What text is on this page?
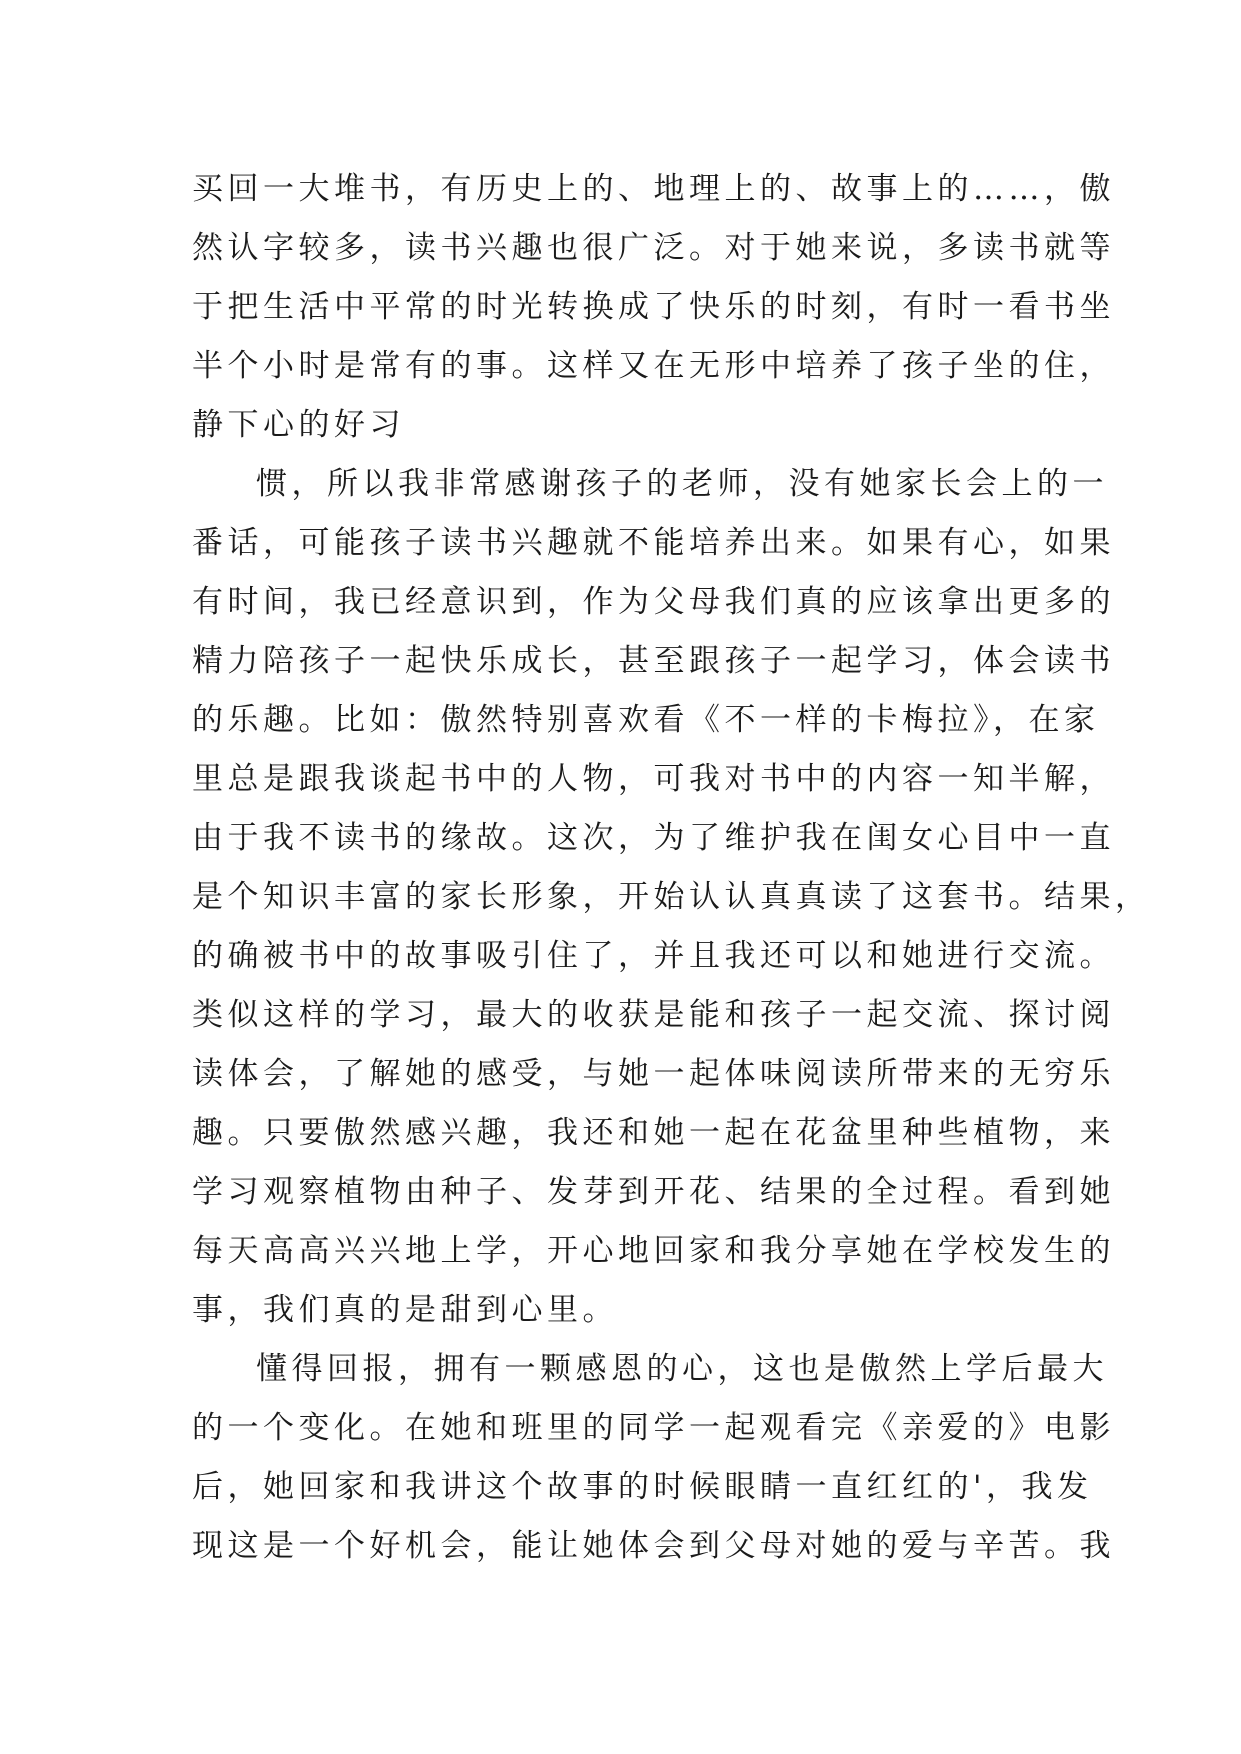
买回一大堆书，有历史上的、地理上的、故事上的……，傲
然认字较多，读书兴趣也很广泛。对于她来说，多读书就等
于把生活中平常的时光转换成了快乐的时刻，有时一看书坐
半个小时是常有的事。这样又在无形中培养了孩子坐的住，
静下心的好习
惯，所以我非常感谢孩子的老师，没有她家长会上的一
番话，可能孩子读书兴趣就不能培养出来。如果有心，如果
有时间，我已经意识到，作为父母我们真的应该拿出更多的
精力陪孩子一起快乐成长，甚至跟孩子一起学习，体会读书
的乐趣。比如：傲然特别喜欢看《不一样的卡梅拉》，在家
里总是跟我谈起书中的人物，可我对书中的内容一知半解，
由于我不读书的缘故。这次，为了维护我在闺女心目中一直
是个知识丰富的家长形象，开始认认真真读了这套书。结果，
的确被书中的故事吸引住了，并且我还可以和她进行交流。
类似这样的学习，最大的收获是能和孩子一起交流、探讨阅
读体会，了解她的感受，与她一起体味阅读所带来的无穷乐
趣。只要傲然感兴趣，我还和她一起在花盆里种些植物，来
学习观察植物由种子、发芽到开花、结果的全过程。看到她
每天高高兴兴地上学，开心地回家和我分享她在学校发生的
事，我们真的是甜到心里。
懂得回报，拥有一颗感恩的心，这也是傲然上学后最大
的一个变化。在她和班里的同学一起观看完《亲爱的》电影
后，她回家和我讲这个故事的时候眼睛一直红红的'，我发
现这是一个好机会，能让她体会到父母对她的爱与辛苦。我
